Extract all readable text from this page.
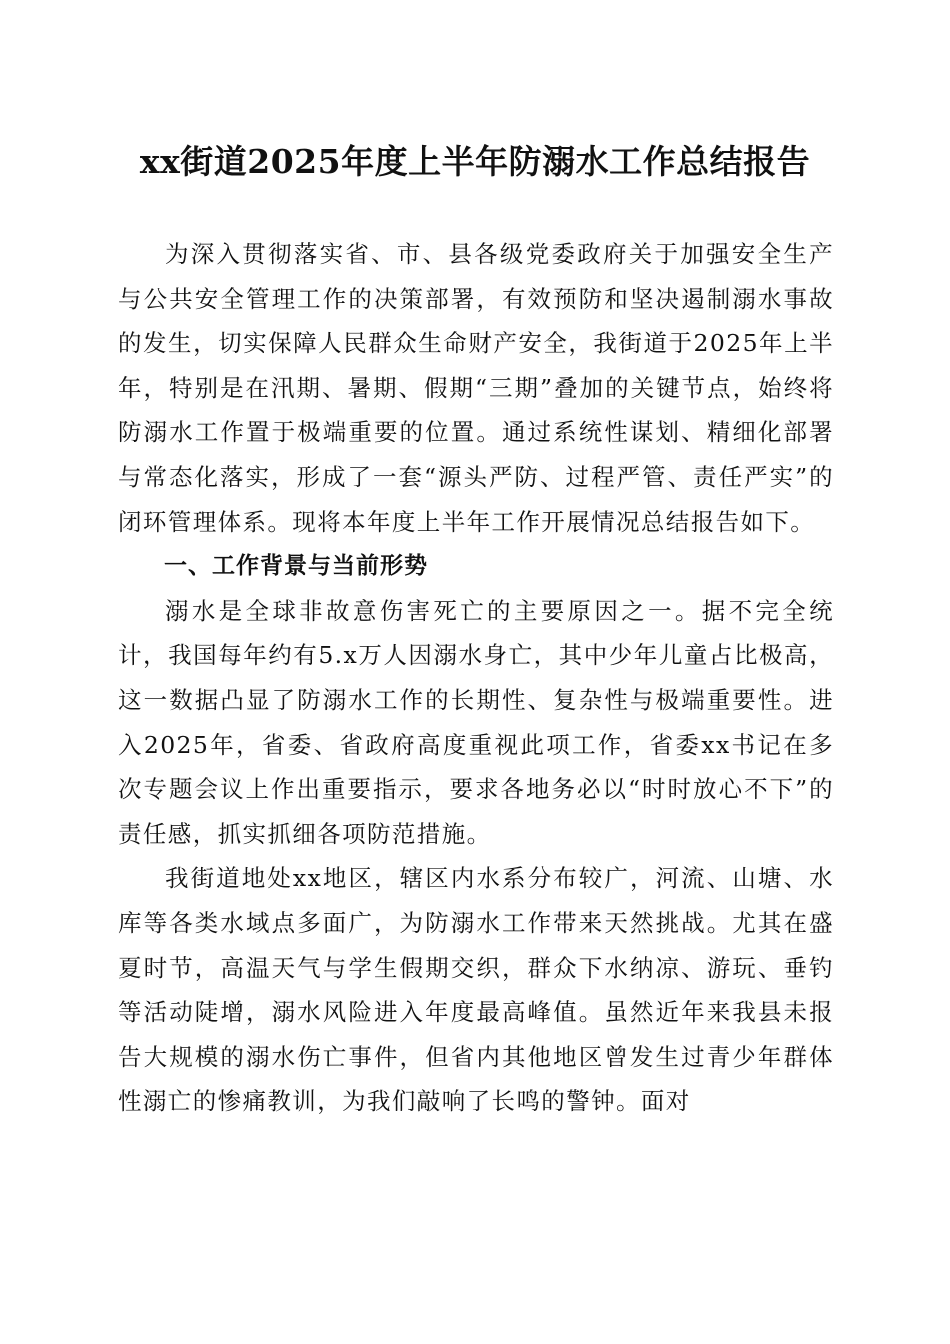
xx街道2025年度上半年防溺水工作总结报告

为深入贯彻落实省、市、县各级党委政府关于加强安全生产与公共安全管理工作的决策部署，有效预防和坚决遏制溺水事故的发生，切实保障人民群众生命财产安全，我街道于2025年上半年，特别是在汛期、暑期、假期“三期”叠加的关键节点，始终将防溺水工作置于极端重要的位置。通过系统性谋划、精细化部署与常态化落实，形成了一套“源头严防、过程严管、责任严实”的闭环管理体系。现将本年度上半年工作开展情况总结报告如下。

一、工作背景与当前形势

溺水是全球非故意伤害死亡的主要原因之一。据不完全统计，我国每年约有5.x万人因溺水身亡，其中少年儿童占比极高，这一数据凸显了防溺水工作的长期性、复杂性与极端重要性。进入2025年，省委、省政府高度重视此项工作，省委xx书记在多次专题会议上作出重要指示，要求各地务必以“时时放心不下”的责任感，抓实抓细各项防范措施。

我街道地处xx地区，辖区内水系分布较广，河流、山塘、水库等各类水域点多面广，为防溺水工作带来天然挑战。尤其在盛夏时节，高温天气与学生假期交织，群众下水纳凉、游玩、垂钓等活动陡增，溺水风险进入年度最高峰值。虽然近年来我县未报告大规模的溺水伤亡事件，但省内其他地区曾发生过青少年群体性溺亡的惨痛教训，为我们敲响了长鸣的警钟。面对
